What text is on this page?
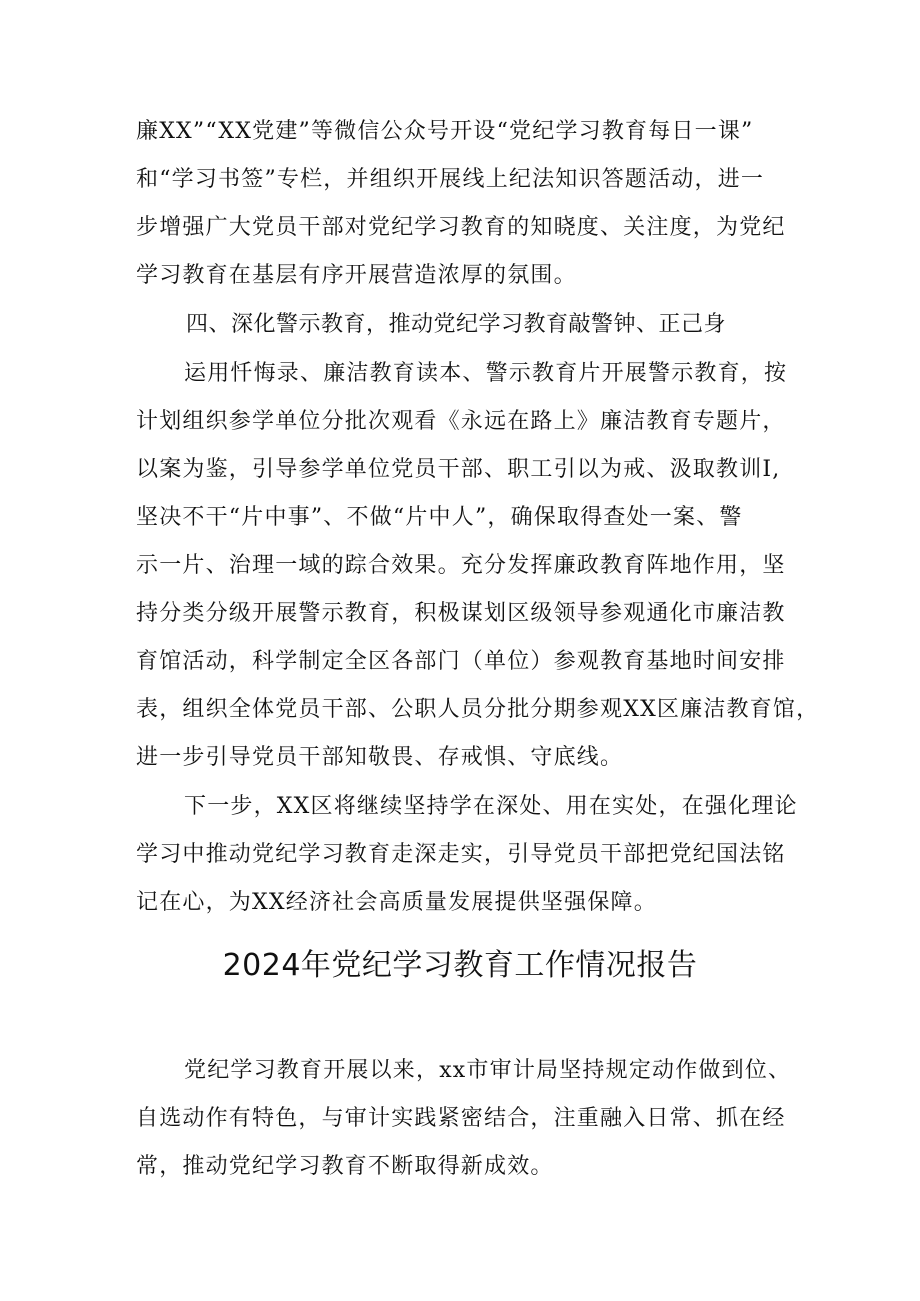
廉XX”“XX党建”等微信公众号开设“党纪学习教育每日一课”
和“学习书签”专栏，并组织开展线上纪法知识答题活动，进一
步增强广大党员干部对党纪学习教育的知晓度、关注度，为党纪
学习教育在基层有序开展营造浓厚的氛围。
四、深化警示教育，推动党纪学习教育敲警钟、正己身
运用忏悔录、廉洁教育读本、警示教育片开展警示教育，按
计划组织参学单位分批次观看《永远在路上》廉洁教育专题片，
以案为鉴，引导参学单位党员干部、职工引以为戒、汲取教训I,
坚决不干“片中事”、不做“片中人”，确保取得查处一案、警
示一片、治理一域的踪合效果。充分发挥廉政教育阵地作用，坚
持分类分级开展警示教育，积极谋划区级领导参观通化市廉洁教
育馆活动，科学制定全区各部门（单位）参观教育基地时间安排
表，组织全体党员干部、公职人员分批分期参观XX区廉洁教育馆，
进一步引导党员干部知敬畏、存戒惧、守底线。
下一步，XX区将继续坚持学在深处、用在实处，在强化理论
学习中推动党纪学习教育走深走实，引导党员干部把党纪国法铭
记在心，为XX经济社会高质量发展提供坚强保障。
2024年党纪学习教育工作情况报告
党纪学习教育开展以来，xx市审计局坚持规定动作做到位、
自选动作有特色，与审计实践紧密结合，注重融入日常、抓在经
常，推动党纪学习教育不断取得新成效。
